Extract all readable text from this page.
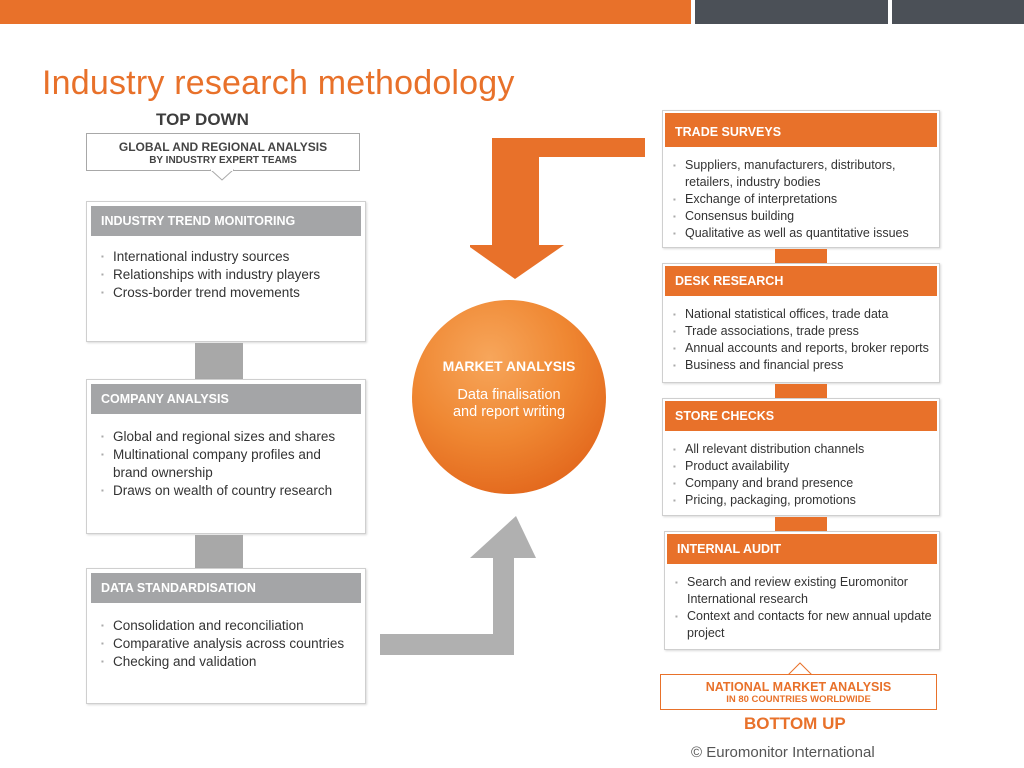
Industry research methodology
TOP DOWN
GLOBAL AND REGIONAL ANALYSIS
BY INDUSTRY EXPERT TEAMS
INDUSTRY TREND MONITORING
▪ International industry sources
▪ Relationships with industry players
▪ Cross-border trend movements
COMPANY ANALYSIS
▪ Global and regional sizes and shares
▪ Multinational company profiles and brand ownership
▪ Draws on wealth of country research
DATA STANDARDISATION
▪ Consolidation and reconciliation
▪ Comparative analysis across countries
▪ Checking and validation
MARKET ANALYSIS
Data finalisation
and report writing
TRADE SURVEYS
▪ Suppliers, manufacturers, distributors, retailers, industry bodies
▪ Exchange of interpretations
▪ Consensus building
▪ Qualitative as well as quantitative issues
DESK RESEARCH
▪ National statistical offices, trade data
▪ Trade associations, trade press
▪ Annual accounts and reports, broker reports
▪ Business and financial press
STORE CHECKS
▪ All relevant distribution channels
▪ Product availability
▪ Company and brand presence
▪ Pricing, packaging, promotions
INTERNAL AUDIT
▪ Search and review existing Euromonitor International research
▪ Context and contacts for new annual update project
NATIONAL MARKET ANALYSIS
IN 80 COUNTRIES WORLDWIDE
BOTTOM UP
© Euromonitor International
